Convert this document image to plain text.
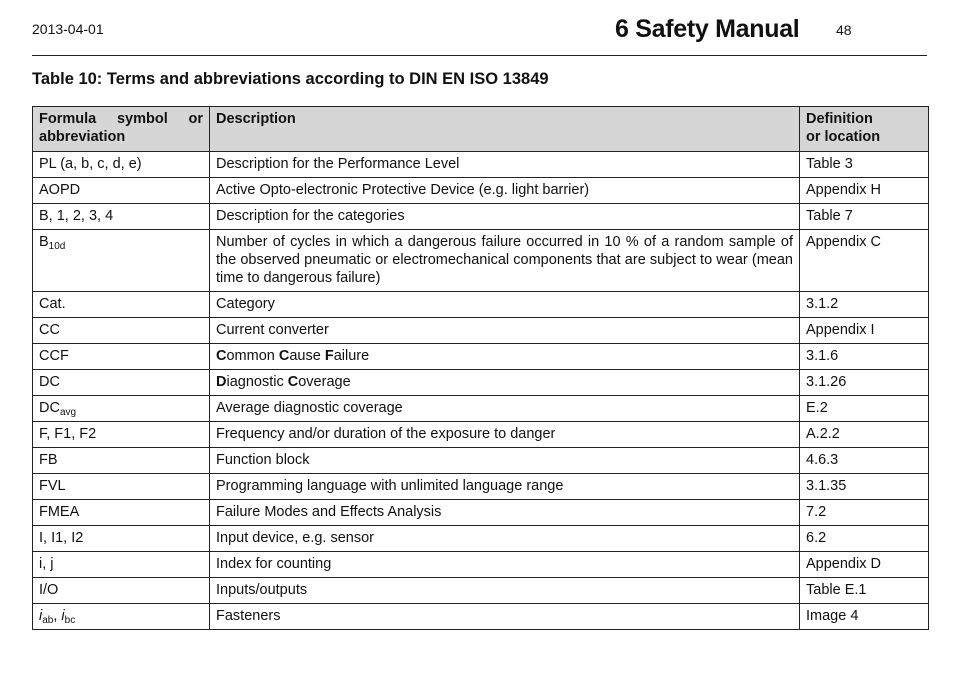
2013-04-01	6 Safety Manual	48
Table 10: Terms and abbreviations according to DIN EN ISO 13849
Formula symbol or abbreviation	Description	Definition or location
PL (a, b, c, d, e)	Description for the Performance Level	Table 3
AOPD	Active Opto-electronic Protective Device (e.g. light barrier)	Appendix H
B, 1, 2, 3, 4	Description for the categories	Table 7
$B_{10d}$	Number of cycles in which a dangerous failure occurred in 10 % of a random sample of the observed pneumatic or electromechanical components that are subject to wear (mean time to dangerous failure)	Appendix C
Cat.	Category	3.1.2
CC	Current converter	Appendix I
CCF	Common Cause Failure	3.1.6
DC	Diagnostic Coverage	3.1.26
$DC_{avg}$	Average diagnostic coverage	E.2
F, F1, F2	Frequency and/or duration of the exposure to danger	A.2.2
FB	Function block	4.6.3
FVL	Programming language with unlimited language range	3.1.35
FMEA	Failure Modes and Effects Analysis	7.2
I, I1, I2	Input device, e.g. sensor	6.2
i, j	Index for counting	Appendix D
I/O	Inputs/outputs	Table E.1
$i_{ab}$, $i_{bc}$	Fasteners	Image 4
